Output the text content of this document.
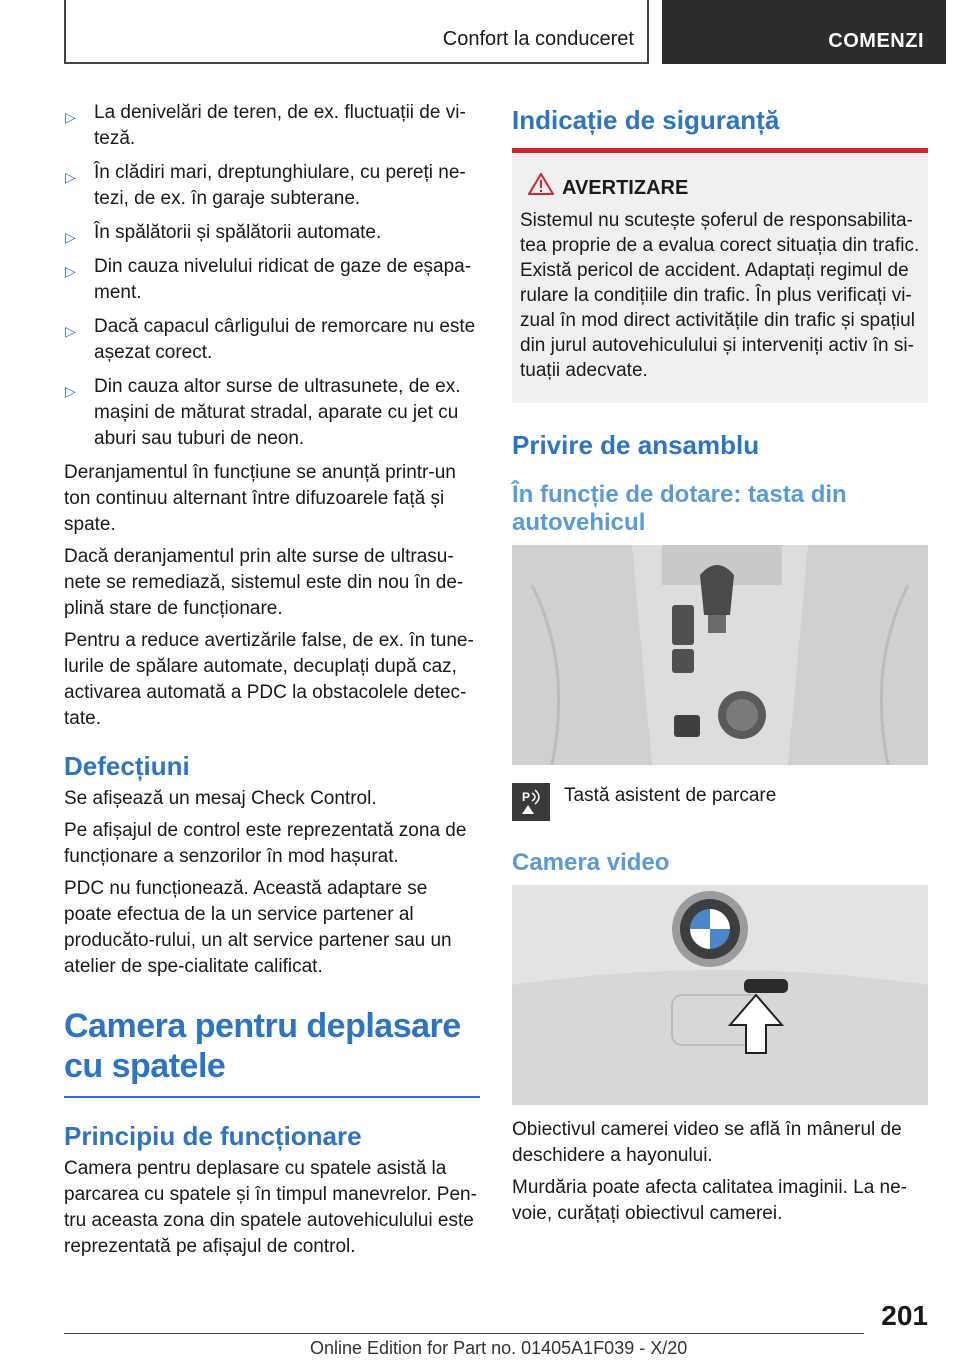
Confort la conduceret	COMENZI
▷ La denivelări de teren, de ex. fluctuații de vi-teză.
▷ În clădiri mari, dreptunghiulare, cu pereți ne-tezi, de ex. în garaje subterane.
▷ În spălătorii și spălătorii automate.
▷ Din cauza nivelului ridicat de gaze de eșapa-ment.
▷ Dacă capacul cârligului de remorcare nu este așezat corect.
▷ Din cauza altor surse de ultrasunete, de ex. mașini de măturat stradal, aparate cu jet cu aburi sau tuburi de neon.

Deranjamentul în funcțiune se anunță printr-un ton continuu alternant între difuzoarele față și spate.

Dacă deranjamentul prin alte surse de ultrasu-nete se remediază, sistemul este din nou în de-plină stare de funcționare.

Pentru a reduce avertizările false, de ex. în tune-lurile de spălare automate, decuplați după caz, activarea automată a PDC la obstacolele detec-tate.

Defecțiuni

Se afișează un mesaj Check Control.

Pe afișajul de control este reprezentată zona de funcționare a senzorilor în mod hașurat.

PDC nu funcționează. Această adaptare se poate efectua de la un service partener al producăto-rului, un alt service partener sau un atelier de spe-cialitate calificat.

Camera pentru deplasare cu spatele
Principiu de funcționare

Camera pentru deplasare cu spatele asistă la parcarea cu spatele și în timpul manevrelor. Pen-tru aceasta zona din spatele autovehiculului este reprezentată pe afișajul de control.

Indicație de siguranță
AVERTIZARE
Sistemul nu scutește șoferul de responsabilita-tea proprie de a evalua corect situația din trafic. Există pericol de accident. Adaptați regimul de rulare la condițiile din trafic. În plus verificați vi-zual în mod direct activitățile din trafic și spațiul din jurul autovehiculului și interveniți activ în si-tuații adecvate.
Privire de ansamblu
În funcție de dotare: tasta din autovehicul
P Tastă asistent de parcare
Camera video

Obiectivul camerei video se află în mânerul de deschidere a hayonului.

Murdăria poate afecta calitatea imaginii. La ne-voie, curățați obiectivul camerei.

201
Online Edition for Part no. 01405A1F039 - X/20
